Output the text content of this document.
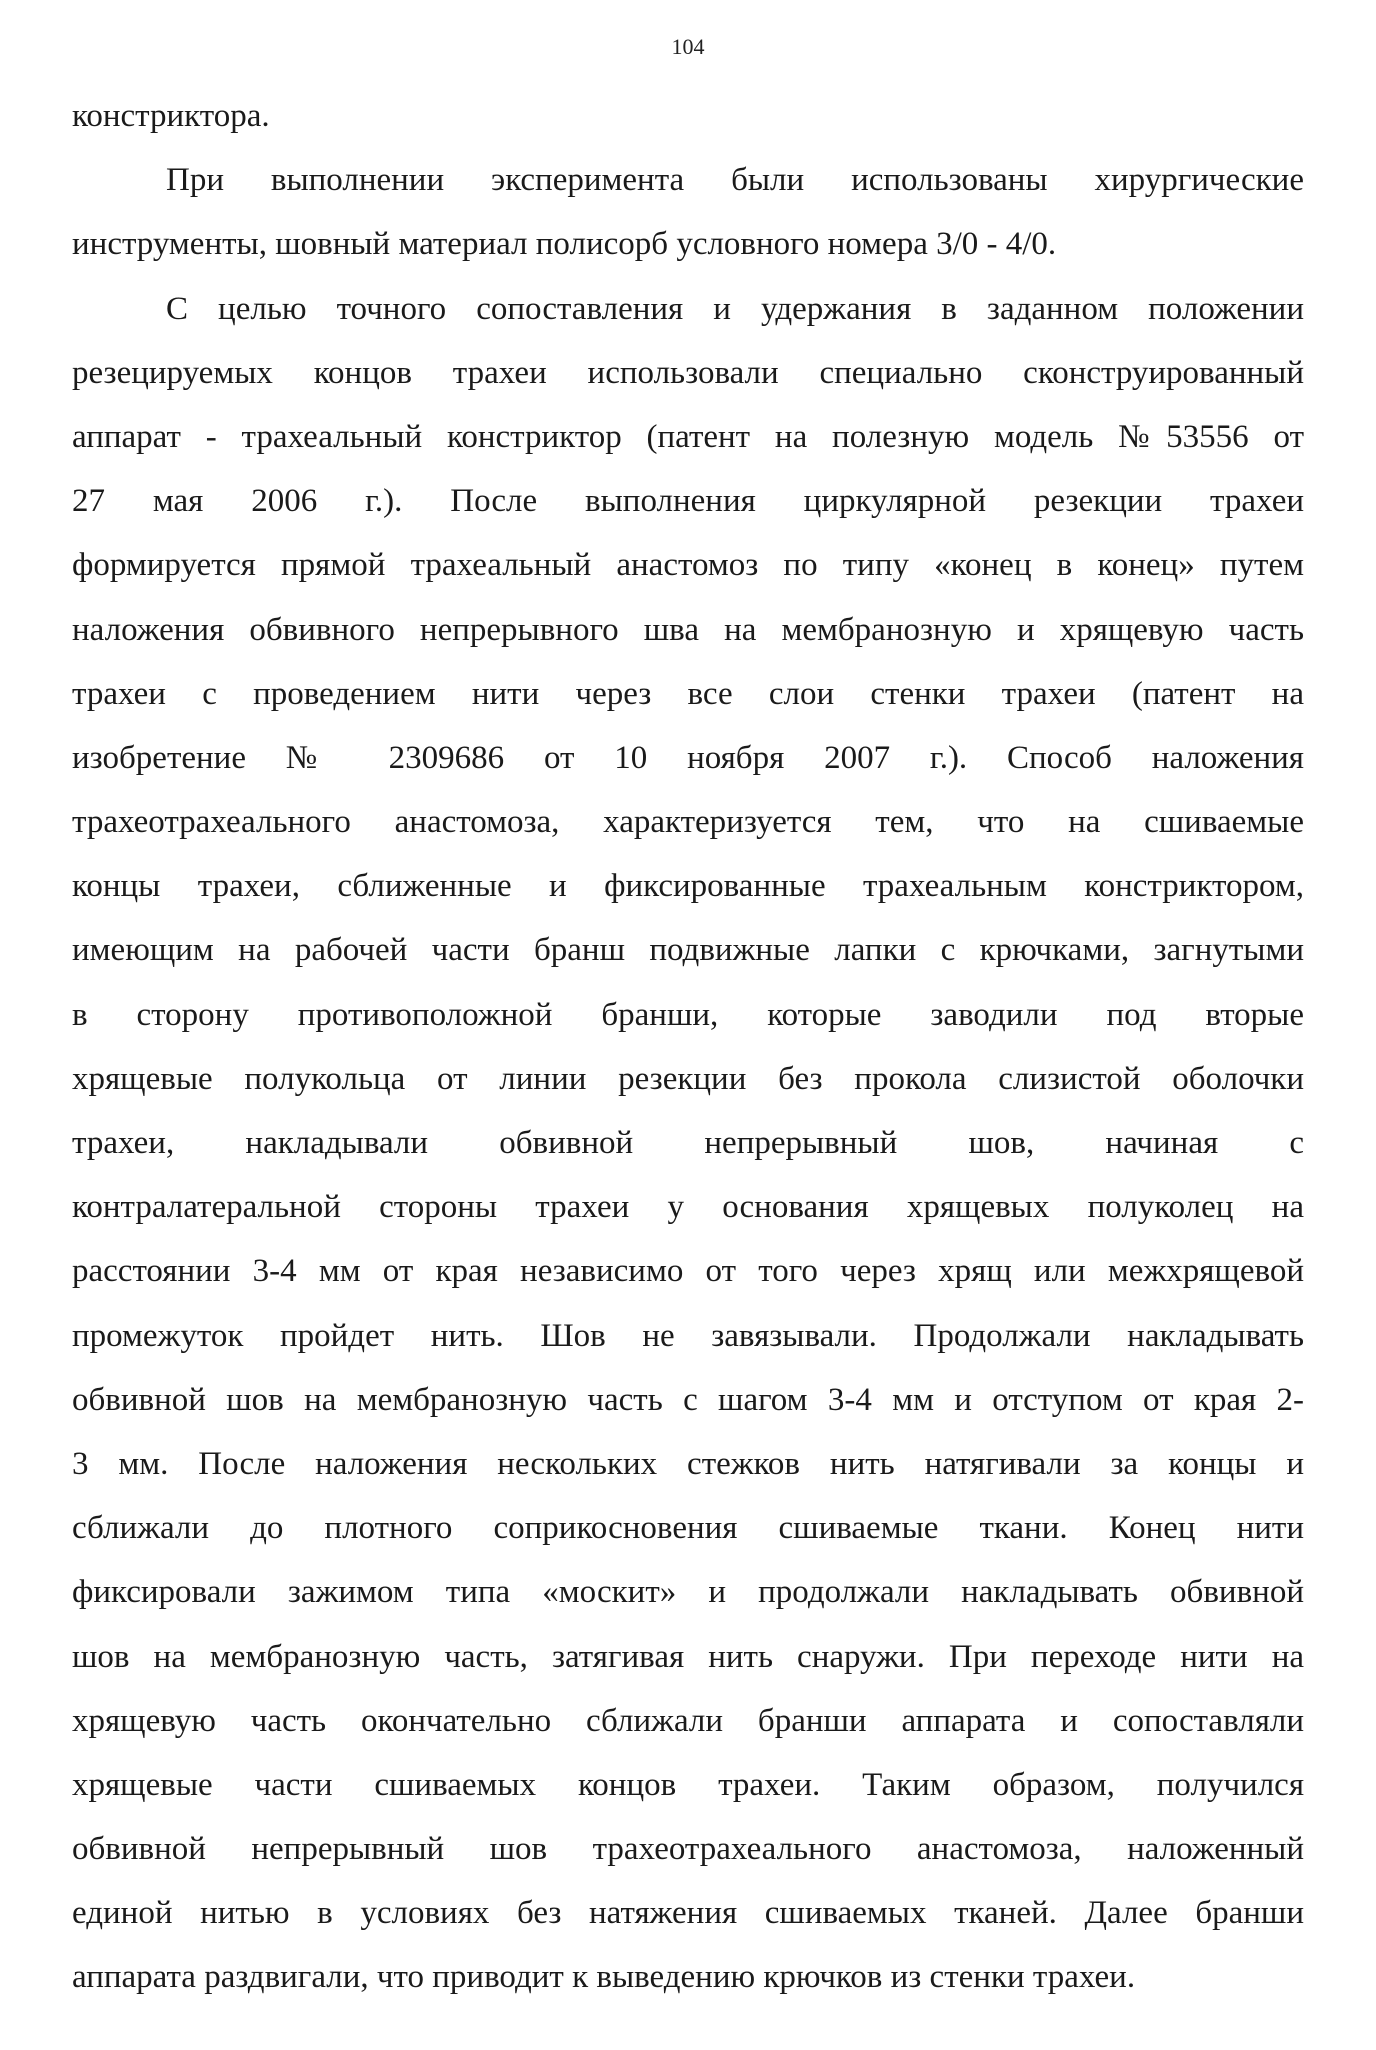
104
констриктора.
При выполнении эксперимента были использованы хирургические
инструменты, шовный материал полисорб условного номера 3/0 - 4/0.
С целью точного сопоставления и удержания в заданном положении
резецируемых концов трахеи использовали специально сконструированный
аппарат - трахеальный констриктор (патент на полезную модель №53556 от
27 мая 2006 г.). После выполнения циркулярной резекции трахеи
формируется прямой трахеальный анастомоз по типу «конец в конец» путем
наложения обвивного непрерывного шва на мембранозную и хрящевую часть
трахеи с проведением нити через все слои стенки трахеи (патент на
изобретение № 2309686 от 10 ноября 2007 г.). Способ наложения
трахеотрахеального анастомоза, характеризуется тем, что на сшиваемые
концы трахеи, сближенные и фиксированные трахеальным констриктором,
имеющим на рабочей части бранш подвижные лапки с крючками, загнутыми
в сторону противоположной бранши, которые заводили под вторые
хрящевые полукольца от линии резекции без прокола слизистой оболочки
трахеи, накладывали обвивной непрерывный шов, начиная с
контралатеральной стороны трахеи у основания хрящевых полуколец на
расстоянии 3-4 мм от края независимо от того через хрящ или межхрящевой
промежуток пройдет нить. Шов не завязывали. Продолжали накладывать
обвивной шов на мембранозную часть с шагом 3-4 мм и отступом от края 2-
3 мм. После наложения нескольких стежков нить натягивали за концы и
сближали до плотного соприкосновения сшиваемые ткани. Конец нити
фиксировали зажимом типа «москит» и продолжали накладывать обвивной
шов на мембранозную часть, затягивая нить снаружи. При переходе нити на
хрящевую часть окончательно сближали бранши аппарата и сопоставляли
хрящевые части сшиваемых концов трахеи. Таким образом, получился
обвивной непрерывный шов трахеотрахеального анастомоза, наложенный
единой нитью в условиях без натяжения сшиваемых тканей. Далее бранши
аппарата раздвигали, что приводит к выведению крючков из стенки трахеи.
